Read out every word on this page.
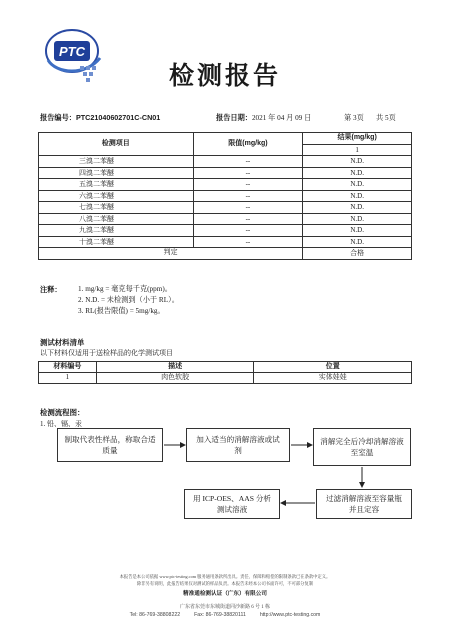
PTC
检测报告
报告编号：PTC21040602701C-CN01	报告日期：2021 年 04 月 09 日	第 3页 共 5页
检测项目	限值(mg/kg)	结果(mg/kg)
		1
三溴二苯醚	--	N.D.
四溴二苯醚	--	N.D.
五溴二苯醚	--	N.D.
六溴二苯醚	--	N.D.
七溴二苯醚	--	N.D.
八溴二苯醚	--	N.D.
九溴二苯醚	--	N.D.
十溴二苯醚	--	N.D.
判定		合格
注释：	1. mg/kg = 毫克每千克(ppm)。
2. N.D. = 未检测到（小于 RL）。
3. RL(报告限值) = 5mg/kg。
测试材料清单
以下材料仅适用于送检样品的化学测试项目
材料编号	描述	位置
1	肉色软胶	实体娃娃
检测流程图：
1. 铅、镉、汞
制取代表性样品，称取合适质量
加入适当的消解溶液或试剂
消解完全后冷却消解溶液至室温
过滤消解溶液至容量瓶并且定容
用 ICP-OES、AAS 分析测试溶液
本报告是本公司依据 www.ptc-testing.com 服务通用条款所出具。责任、保障和赔偿的限制条款已在条款中定义。
除非另有说明，此报告结果仅对测试的样品负责。本报告未经本公司书面许可，不可部分复制
精准通检测认证（广东）有限公司
广东省东莞市东城街道同沙新路 6 号 1 栋
Tel: 86-769-38808222	Fax: 86-769-38820111	http://www.ptc-testing.com
